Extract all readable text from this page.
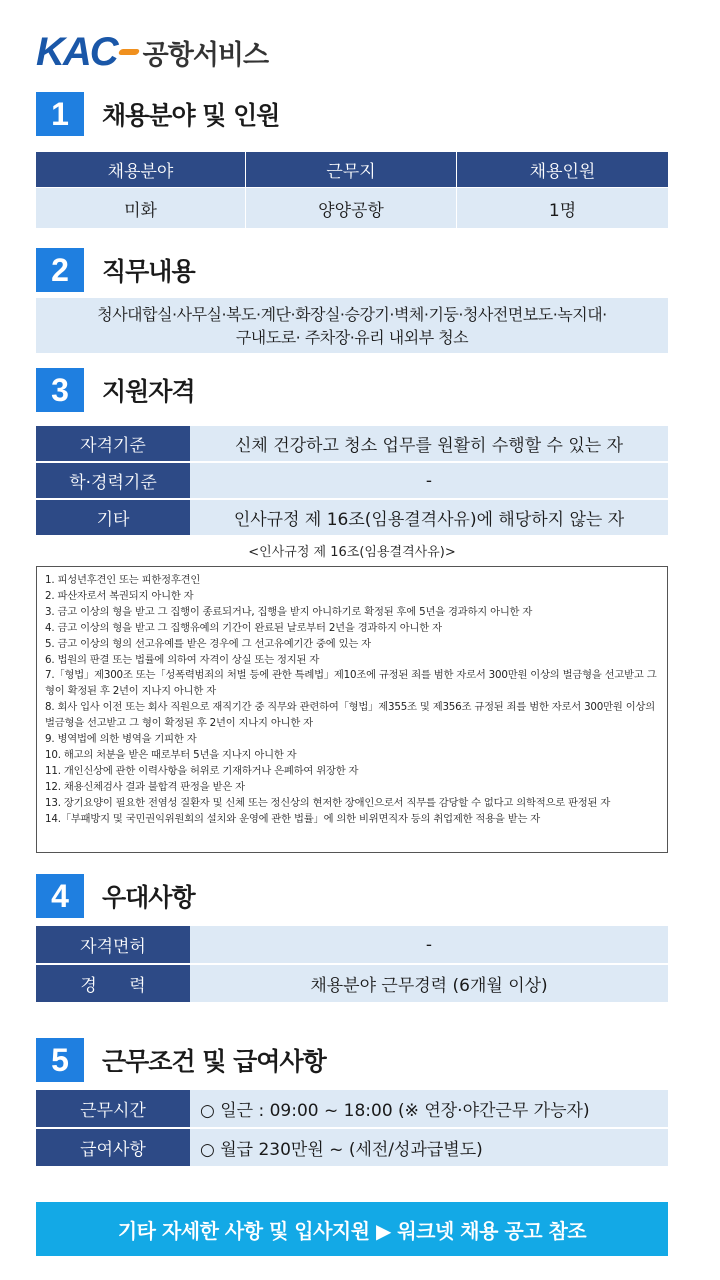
KAC 공항서비스
1	채용분야 및 인원
채용분야	근무지	채용인원
미화	양양공항	1명
2	직무내용
청사대합실·사무실·복도·계단·화장실·승강기·벽체·기둥·청사전면보도·녹지대·
구내도로· 주차장·유리 내외부 청소
3	지원자격
자격기준	신체 건강하고 청소 업무를 원활히 수행할 수 있는 자
학·경력기준	-
기타	인사규정 제 16조(임용결격사유)에 해당하지 않는 자
<인사규정 제 16조(임용결격사유)>
1. 피성년후견인 또는 피한정후견인
2. 파산자로서 복권되지 아니한 자
3. 금고 이상의 형을 받고 그 집행이 종료되거나, 집행을 받지 아니하기로 확정된 후에 5년을 경과하지 아니한 자
4. 금고 이상의 형을 받고 그 집행유예의 기간이 완료된 날로부터 2년을 경과하지 아니한 자
5. 금고 이상의 형의 선고유예를 받은 경우에 그 선고유예기간 중에 있는 자
6. 법원의 판결 또는 법률에 의하여 자격이 상실 또는 정지된 자
7.「형법」제300조 또는「성폭력범죄의 처벌 등에 관한 특례법」제10조에 규정된 죄를 범한 자로서 300만원 이상의 벌금형을 선고받고 그 형이 확정된 후 2년이 지나지 아니한 자
8. 회사 입사 이전 또는 회사 직원으로 재직기간 중 직무와 관련하여「형법」제355조 및 제356조 규정된 죄를 범한 자로서 300만원 이상의 벌금형을 선고받고 그 형이 확정된 후 2년이 지나지 아니한 자
9. 병역법에 의한 병역을 기피한 자
10. 해고의 처분을 받은 때로부터 5년을 지나지 아니한 자
11. 개인신상에 관한 이력사항을 허위로 기재하거나 은폐하여 위장한 자
12. 채용신체검사 결과 불합격 판정을 받은 자
13. 장기요양이 필요한 전염성 질환자 및 신체 또는 정신상의 현저한 장애인으로서 직무를 감당할 수 없다고 의학적으로 판정된 자
14.「부패방지 및 국민권익위원회의 설치와 운영에 관한 법률」에 의한 비위면직자 등의 취업제한 적용을 받는 자
4	우대사항
자격면허	-
경      력	채용분야 근무경력 (6개월 이상)
5	근무조건 및 급여사항
근무시간	○ 일근 : 09:00 ~ 18:00 (※ 연장·야간근무 가능자)
급여사항	○ 월급 230만원 ~ (세전/성과급별도)
기타 자세한 사항 및 입사지원 ▶ 워크넷 채용 공고 참조
